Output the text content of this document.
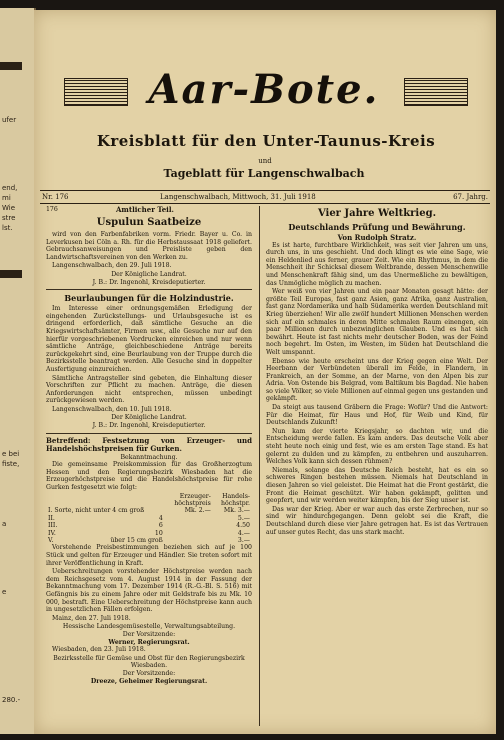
ufer
end,
mi
Wie
stre
lst.
e bei
fiste,
a
e
280.-
Aar-Bote.
Kreisblatt für den Unter-Taunus-Kreis
und
Tageblatt für Langenschwalbach
Nr. 176	Langenschwalbach, Mittwoch, 31. Juli 1918	67. Jahrg.
176	Amtlicher Teil.
Uspulun Saatbeize

wird von den Farbenfabriken vorm. Friedr. Bayer u. Co. in Leverkusen bei Cöln a. Rh. für die Herbstaussaat 1918 geliefert. Gebrauchsanweisungen und Preisliste geben den Landwirtschaftsvereinen von den Werken zu.

Langenschwalbach, den 29. Juli 1918.

Der Königliche Landrat.
J. B.: Dr. Ingenohl, Kreisdeputierter.
Beurlaubungen für die Holzindustrie.

Im Interesse einer ordnungsgemäßen Erledigung der eingehenden Zurückstellungs- und Urlaubsgesuche ist es dringend erforderlich, daß sämtliche Gesuche an die Kriegswirtschaftsämter, Firmen usw., alle Gesuche nur auf den hierfür vorgeschriebenen Vordrucken einreichen und nur wenn sämtliche Anträge, gleichbeschiedene Anträge bereits zurückgekehrt sind, eine Beurlaubung von der Truppe durch die Bezirksstelle beantragt werden. Alle Gesuche sind in doppelter Ausfertigung einzureichen.

Sämtliche Antragsteller sind gebeten, die Einhaltung dieser Vorschriften zur Pflicht zu machen. Anträge, die diesen Anforderungen nicht entsprechen, müssen unbedingt zurückgewiesen werden.

Langenschwalbach, den 10. Juli 1918.

Der Königliche Landrat.
J. B.: Dr. Ingenohl, Kreisdeputierter.
Betreffend: Festsetzung von Erzeuger- und Handelshöchstpreisen für Gurken.
Bekanntmachung.

Die gemeinsame Preiskommission für das Großherzogtum Hessen und den Regierungsbezirk Wiesbaden hat die Erzeugerhöchstpreise und die Handelshöchstpreise für rohe Gurken festgesetzt wie folgt:

		Erzeuger-	Handels-
		höchstpreis	höchstpr.
I. Sorte, nicht unter 4 cm groß		Mk. 2.—	Mk. 3.—
II.	4		5.—
III.	6		4.50
IV.	10		4.—
V.	über 15 cm groß		3.—

Vorstehende Preisbestimmungen beziehen sich auf je 100 Stück und gelten für Erzeuger und Händler. Sie treten sofort mit ihrer Veröffentlichung in Kraft.

Ueberschreitungen vorstehender Höchstpreise werden nach dem Reichsgesetz vom 4. August 1914 in der Fassung der Bekanntmachung vom 17. Dezember 1914 (R.-G.-Bl. S. 516) mit Gefängnis bis zu einem Jahre oder mit Geldstrafe bis zu Mk. 10 000, bestraft. Eine Ueberschreitung der Höchstpreise kann auch in ungesetzlichen Fällen erfolgen.

Mainz, den 27. Juli 1918.

Hessische Landesgemüsestelle, Verwaltungsabteilung.
Der Vorsitzende:
Werner, Regierungsrat.

Wiesbaden, den 23. Juli 1918.

Bezirksstelle für Gemüse und Obst für den Regierungsbezirk Wiesbaden.
Der Vorsitzende:
Dreeze, Geheimer Regierungsrat.
Vier Jahre Weltkrieg.
Deutschlands Prüfung und Bewährung.
Von Rudolph Stratz.

Es ist harte, furchtbare Wirklichkeit, was seit vier Jahren um uns, durch uns, in uns geschieht. Und doch klingt es wie eine Sage, wie ein Heldenlied aus ferner, grauer Zeit. Wie ein Rhythmus, in dem die Menschheit ihr Schicksal diesem Weltbrande, dessen Menschenwille und Menschenkraft fähig sind, um das Unermeßliche zu bewältigen, das Unmögliche möglich zu machen.

Wer weiß von vier Jahren und ein paar Monaten gesagt hätte: der größte Teil Europas, fast ganz Asien, ganz Afrika, ganz Australien, fast ganz Nordamerika und halb Südamerika werden Deutschland mit Krieg überziehen! Wir alle zwölf hundert Millionen Menschen werden sich auf ein schmales in deren Mitte schmalen Raum einengen, ein paar Millionen durch unbezwinglichen Glauben. Und es hat sich bewährt. Heute ist fast nichts mehr deutscher Boden, was der Feind noch begehrt. Im Osten, im Westen, im Süden hat Deutschland die Welt umspannt.

Ebenso wie heute erscheint uns der Krieg gegen eine Welt. Der Heerbann der Verbündeten überall im Felde, in Flandern, in Frankreich, an der Somme, an der Marne, von den Alpen bis zur Adria. Von Ostende bis Belgrad, vom Baltikum bis Bagdad. Nie haben so viele Völker, so viele Millionen auf einmal gegen uns gestanden und gekämpft.

Da steigt aus tausend Gräbern die Frage: Wofür? Und die Antwort: Für die Heimat, für Haus und Hof, für Weib und Kind, für Deutschlands Zukunft!

Nun kam der vierte Kriegsjahr, so dachten wir, und die Entscheidung werde fallen. Es kam anders. Das deutsche Volk aber steht heute noch einig und fest, wie es am ersten Tage stand. Es hat gelernt zu dulden und zu kämpfen, zu entbehren und auszuharren. Welches Volk kann sich dessen rühmen?

Niemals, solange das Deutsche Reich besteht, hat es ein so schweres Ringen bestehen müssen. Niemals hat Deutschland in diesen Jahren so viel geleistet. Die Heimat hat die Front gestärkt, die Front die Heimat geschützt. Wir haben gekämpft, gelitten und geopfert, und wir werden weiter kämpfen, bis der Sieg unser ist.

Das war der Krieg. Aber er war auch das erste Zerbrechen, nur so sind wir hindurchgegangen. Denn gelobt sei die Kraft, die Deutschland durch diese vier Jahre getragen hat. Es ist das Vertrauen auf unser gutes Recht, das uns stark macht.
